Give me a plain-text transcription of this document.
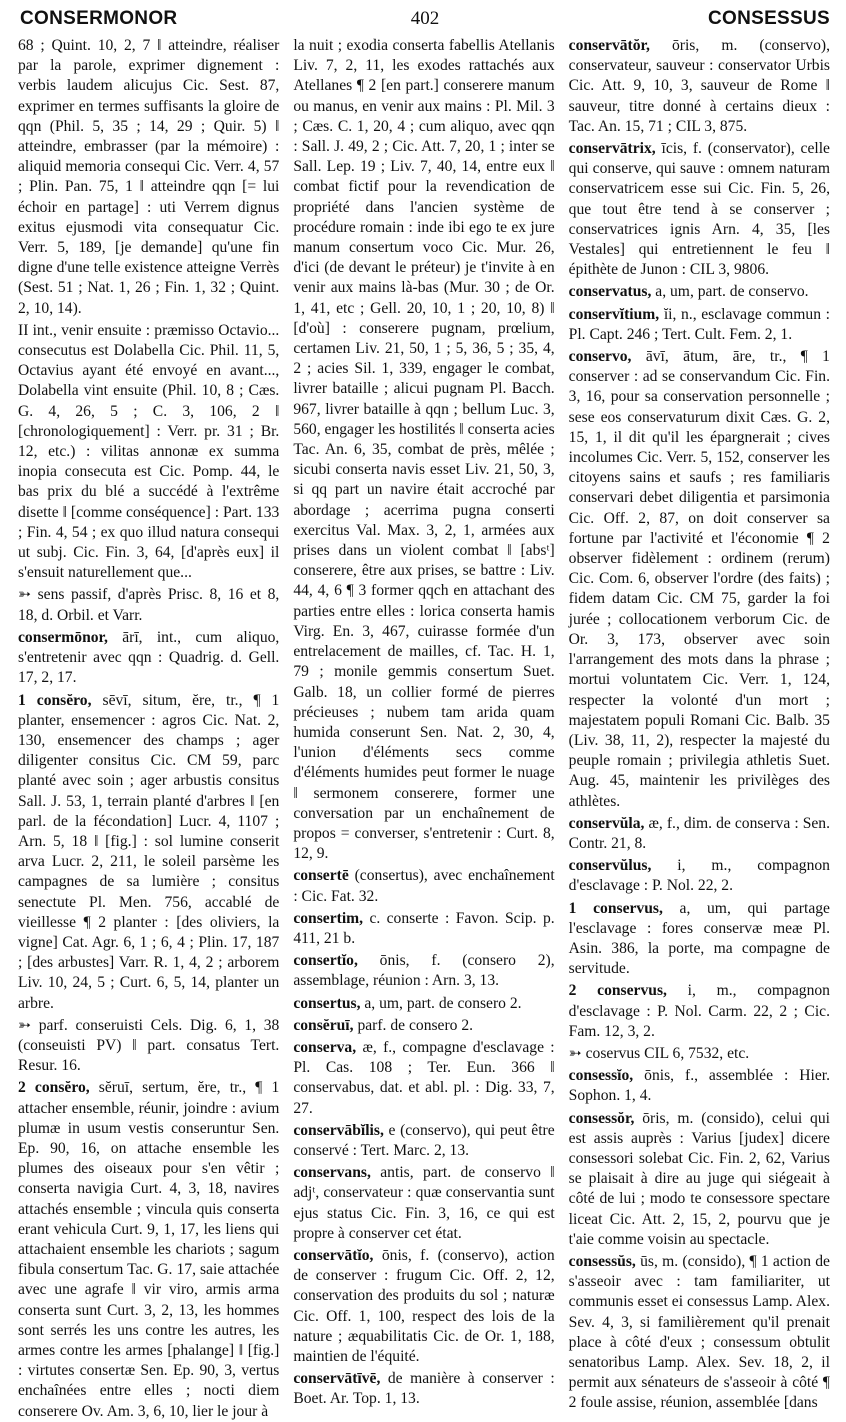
CONSERMONOR	402	CONSESSUS

68 ; Quint. 10, 2, 7 ‖ atteindre, réaliser par la parole, exprimer dignement : verbis laudem alicujus Cic. Sest. 87, exprimer en termes suffisants la gloire de qqn (Phil. 5, 35 ; 14, 29 ; Quir. 5) ‖ atteindre, embrasser (par la mémoire) : aliquid memoria consequi Cic. Verr. 4, 57 ; Plin. Pan. 75, 1 ‖ atteindre qqn [= lui échoir en partage] : uti Verrem dignus exitus ejusmodi vita consequatur Cic. Verr. 5, 189, [je demande] qu'une fin digne d'une telle existence atteigne Verrès (Sest. 51 ; Nat. 1, 26 ; Fin. 1, 32 ; Quint. 2, 10, 14).

II int., venir ensuite : præmisso Octavio... consecutus est Dolabella Cic. Phil. 11, 5, Octavius ayant été envoyé en avant..., Dolabella vint ensuite (Phil. 10, 8 ; Cæs. G. 4, 26, 5 ; C. 3, 106, 2 ‖ [chronologiquement] : Verr. pr. 31 ; Br. 12, etc.) : vilitas annonæ ex summa inopia consecuta est Cic. Pomp. 44, le bas prix du blé a succédé à l'extrême disette ‖ [comme conséquence] : Part. 133 ; Fin. 4, 54 ; ex quo illud natura consequi ut subj. Cic. Fin. 3, 64, [d'après eux] il s'ensuit naturellement que...

➳ sens passif, d'après Prisc. 8, 16 et 8, 18, d. Orbil. et Varr.

consermōnor, ārī, int., cum aliquo, s'entretenir avec qqn : Quadrig. d. Gell. 17, 2, 17.

1 consĕro, sēvī, situm, ĕre, tr., ¶ 1 planter, ensemencer : agros Cic. Nat. 2, 130, ensemencer des champs ; ager diligenter consitus Cic. CM 59, parc planté avec soin ; ager arbustis consitus Sall. J. 53, 1, terrain planté d'arbres ‖ [en parl. de la fécondation] Lucr. 4, 1107 ; Arn. 5, 18 ‖ [fig.] : sol lumine conserit arva Lucr. 2, 211, le soleil parsème les campagnes de sa lumière ; consitus senectute Pl. Men. 756, accablé de vieillesse ¶ 2 planter : [des oliviers, la vigne] Cat. Agr. 6, 1 ; 6, 4 ; Plin. 17, 187 ; [des arbustes] Varr. R. 1, 4, 2 ; arborem Liv. 10, 24, 5 ; Curt. 6, 5, 14, planter un arbre.

➳ parf. conseruisti Cels. Dig. 6, 1, 38 (conseuisti PV) ‖ part. consatus Tert. Resur. 16.

2 consĕro, sĕruī, sertum, ĕre, tr., ¶ 1 attacher ensemble, réunir, joindre : avium plumæ in usum vestis conseruntur Sen. Ep. 90, 16, on attache ensemble les plumes des oiseaux pour s'en vêtir ; conserta navigia Curt. 4, 3, 18, navires attachés ensemble ; vincula quis conserta erant vehicula Curt. 9, 1, 17, les liens qui attachaient ensemble les chariots ; sagum fibula consertum Tac. G. 17, saie attachée avec une agrafe ‖ vir viro, armis arma conserta sunt Curt. 3, 2, 13, les hommes sont serrés les uns contre les autres, les armes contre les armes [phalange] ‖ [fig.] : virtutes consertæ Sen. Ep. 90, 3, vertus enchaînées entre elles ; nocti diem conserere Ov. Am. 3, 6, 10, lier le jour à

la nuit ; exodia conserta fabellis Atellanis Liv. 7, 2, 11, les exodes rattachés aux Atellanes ¶ 2 [en part.] conserere manum ou manus, en venir aux mains : Pl. Mil. 3 ; Cæs. C. 1, 20, 4 ; cum aliquo, avec qqn : Sall. J. 49, 2 ; Cic. Att. 7, 20, 1 ; inter se Sall. Lep. 19 ; Liv. 7, 40, 14, entre eux ‖ combat fictif pour la revendication de propriété dans l'ancien système de procédure romain : inde ibi ego te ex jure manum consertum voco Cic. Mur. 26, d'ici (de devant le préteur) je t'invite à en venir aux mains là-bas (Mur. 30 ; de Or. 1, 41, etc ; Gell. 20, 10, 1 ; 20, 10, 8) ‖ [d'où] : conserere pugnam, prœlium, certamen Liv. 21, 50, 1 ; 5, 36, 5 ; 35, 4, 2 ; acies Sil. 1, 339, engager le combat, livrer bataille ; alicui pugnam Pl. Bacch. 967, livrer bataille à qqn ; bellum Luc. 3, 560, engager les hostilités ‖ conserta acies Tac. An. 6, 35, combat de près, mêlée ; sicubi conserta navis esset Liv. 21, 50, 3, si qq part un navire était accroché par abordage ; acerrima pugna conserti exercitus Val. Max. 3, 2, 1, armées aux prises dans un violent combat ‖ [absᵗ] conserere, être aux prises, se battre : Liv. 44, 4, 6 ¶ 3 former qqch en attachant des parties entre elles : lorica conserta hamis Virg. En. 3, 467, cuirasse formée d'un entrelacement de mailles, cf. Tac. H. 1, 79 ; monile gemmis consertum Suet. Galb. 18, un collier formé de pierres précieuses ; nubem tam arida quam humida conserunt Sen. Nat. 2, 30, 4, l'union d'éléments secs comme d'éléments humides peut former le nuage ‖ sermonem conserere, former une conversation par un enchaînement de propos = converser, s'entretenir : Curt. 8, 12, 9.

consertē (consertus), avec enchaînement : Cic. Fat. 32.

consertim, c. conserte : Favon. Scip. p. 411, 21 b.

consertĭo, ōnis, f. (consero 2), assemblage, réunion : Arn. 3, 13.

consertus, a, um, part. de consero 2.

consĕruī, parf. de consero 2.

conserva, æ, f., compagne d'esclavage : Pl. Cas. 108 ; Ter. Eun. 366 ‖ conservabus, dat. et abl. pl. : Dig. 33, 7, 27.

conservābĭlis, e (conservo), qui peut être conservé : Tert. Marc. 2, 13.

conservans, antis, part. de conservo ‖ adjᵗ, conservateur : quæ conservantia sunt ejus status Cic. Fin. 3, 16, ce qui est propre à conserver cet état.

conservātĭo, ōnis, f. (conservo), action de conserver : frugum Cic. Off. 2, 12, conservation des produits du sol ; naturæ Cic. Off. 1, 100, respect des lois de la nature ; æquabilitatis Cic. de Or. 1, 188, maintien de l'équité.

conservātīvē, de manière à conserver : Boet. Ar. Top. 1, 13.

conservātŏr, ōris, m. (conservo), conservateur, sauveur : conservator Urbis Cic. Att. 9, 10, 3, sauveur de Rome ‖ sauveur, titre donné à certains dieux : Tac. An. 15, 71 ; CIL 3, 875.

conservātrix, īcis, f. (conservator), celle qui conserve, qui sauve : omnem naturam conservatricem esse sui Cic. Fin. 5, 26, que tout être tend à se conserver ; conservatrices ignis Arn. 4, 35, [les Vestales] qui entretiennent le feu ‖ épithète de Junon : CIL 3, 9806.

conservatus, a, um, part. de conservo.

conservĭtium, ĭi, n., esclavage commun : Pl. Capt. 246 ; Tert. Cult. Fem. 2, 1.

conservo, āvī, ātum, āre, tr., ¶ 1 conserver : ad se conservandum Cic. Fin. 3, 16, pour sa conservation personnelle ; sese eos conservaturum dixit Cæs. G. 2, 15, 1, il dit qu'il les épargnerait ; cives incolumes Cic. Verr. 5, 152, conserver les citoyens sains et saufs ; res familiaris conservari debet diligentia et parsimonia Cic. Off. 2, 87, on doit conserver sa fortune par l'activité et l'économie ¶ 2 observer fidèlement : ordinem (rerum) Cic. Com. 6, observer l'ordre (des faits) ; fidem datam Cic. CM 75, garder la foi jurée ; collocationem verborum Cic. de Or. 3, 173, observer avec soin l'arrangement des mots dans la phrase ; mortui voluntatem Cic. Verr. 1, 124, respecter la volonté d'un mort ; majestatem populi Romani Cic. Balb. 35 (Liv. 38, 11, 2), respecter la majesté du peuple romain ; privilegia athletis Suet. Aug. 45, maintenir les privilèges des athlètes.

conservŭla, æ, f., dim. de conserva : Sen. Contr. 21, 8.

conservŭlus, i, m., compagnon d'esclavage : P. Nol. 22, 2.

1 conservus, a, um, qui partage l'esclavage : fores conservæ meæ Pl. Asin. 386, la porte, ma compagne de servitude.

2 conservus, i, m., compagnon d'esclavage : P. Nol. Carm. 22, 2 ; Cic. Fam. 12, 3, 2.

➳ coservus CIL 6, 7532, etc.

consessĭo, ōnis, f., assemblée : Hier. Sophon. 1, 4.

consessŏr, ōris, m. (consido), celui qui est assis auprès : Varius [judex] dicere consessori solebat Cic. Fin. 2, 62, Varius se plaisait à dire au juge qui siégeait à côté de lui ; modo te consessore spectare liceat Cic. Att. 2, 15, 2, pourvu que je t'aie comme voisin au spectacle.

consessŭs, ūs, m. (consido), ¶ 1 action de s'asseoir avec : tam familiariter, ut communis esset ei consessus Lamp. Alex. Sev. 4, 3, si familièrement qu'il prenait place à côté d'eux ; consessum obtulit senatoribus Lamp. Alex. Sev. 18, 2, il permit aux sénateurs de s'asseoir à côté ¶ 2 foule assise, réunion, assemblée [dans
